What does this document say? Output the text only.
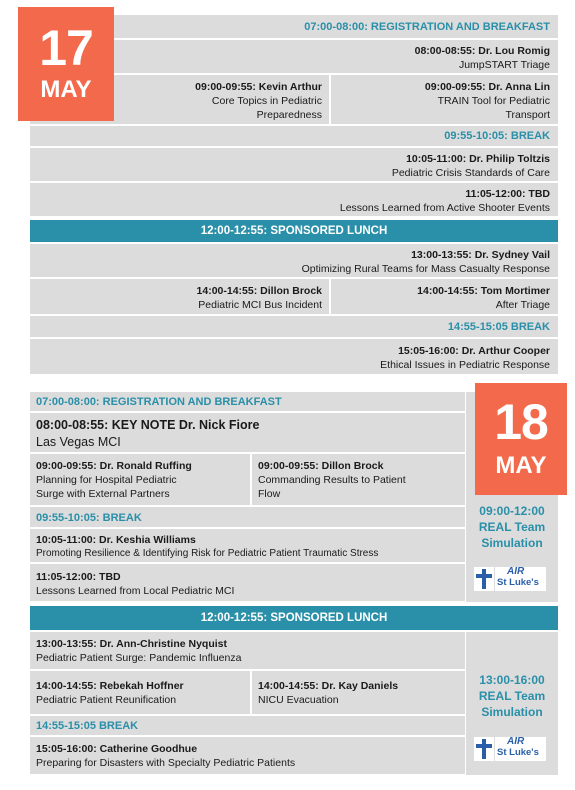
07:00-08:00: REGISTRATION AND BREAKFAST
08:00-08:55: Dr. Lou Romig
JumpSTART Triage
09:00-09:55: Kevin Arthur
Core Topics in Pediatric
Preparedness
09:00-09:55: Dr. Anna Lin
TRAIN Tool for Pediatric
Transport
09:55-10:05: BREAK
10:05-11:00: Dr. Philip Toltzis
Pediatric Crisis Standards of Care
11:05-12:00: TBD
Lessons Learned from Active Shooter Events
12:00-12:55: SPONSORED LUNCH
13:00-13:55: Dr. Sydney Vail
Optimizing Rural Teams for Mass Casualty Response
14:00-14:55: Dillon Brock
Pediatric MCI Bus Incident
14:00-14:55: Tom Mortimer
After Triage
14:55-15:05 BREAK
15:05-16:00: Dr. Arthur Cooper
Ethical Issues in Pediatric Response
17
MAY
07:00-08:00: REGISTRATION AND BREAKFAST
08:00-08:55: KEY NOTE Dr. Nick Fiore
Las Vegas MCI
09:00-09:55: Dr. Ronald Ruffing
Planning for Hospital Pediatric
Surge with External Partners
09:00-09:55: Dillon Brock
Commanding Results to Patient
Flow
09:55-10:05: BREAK
10:05-11:00: Dr. Keshia Williams
Promoting Resilience & Identifying Risk for Pediatric Patient Traumatic Stress
11:05-12:00: TBD
Lessons Learned from Local Pediatric MCI
09:00-12:00
REAL Team
Simulation
AIR
St Luke's
12:00-12:55: SPONSORED LUNCH
13:00-13:55: Dr. Ann-Christine Nyquist
Pediatric Patient Surge: Pandemic Influenza
14:00-14:55: Rebekah Hoffner
Pediatric Patient Reunification
14:00-14:55: Dr. Kay Daniels
NICU Evacuation
14:55-15:05 BREAK
15:05-16:00: Catherine Goodhue
Preparing for Disasters with Specialty Pediatric Patients
13:00-16:00
REAL Team
Simulation
AIR
St Luke's
18
MAY
